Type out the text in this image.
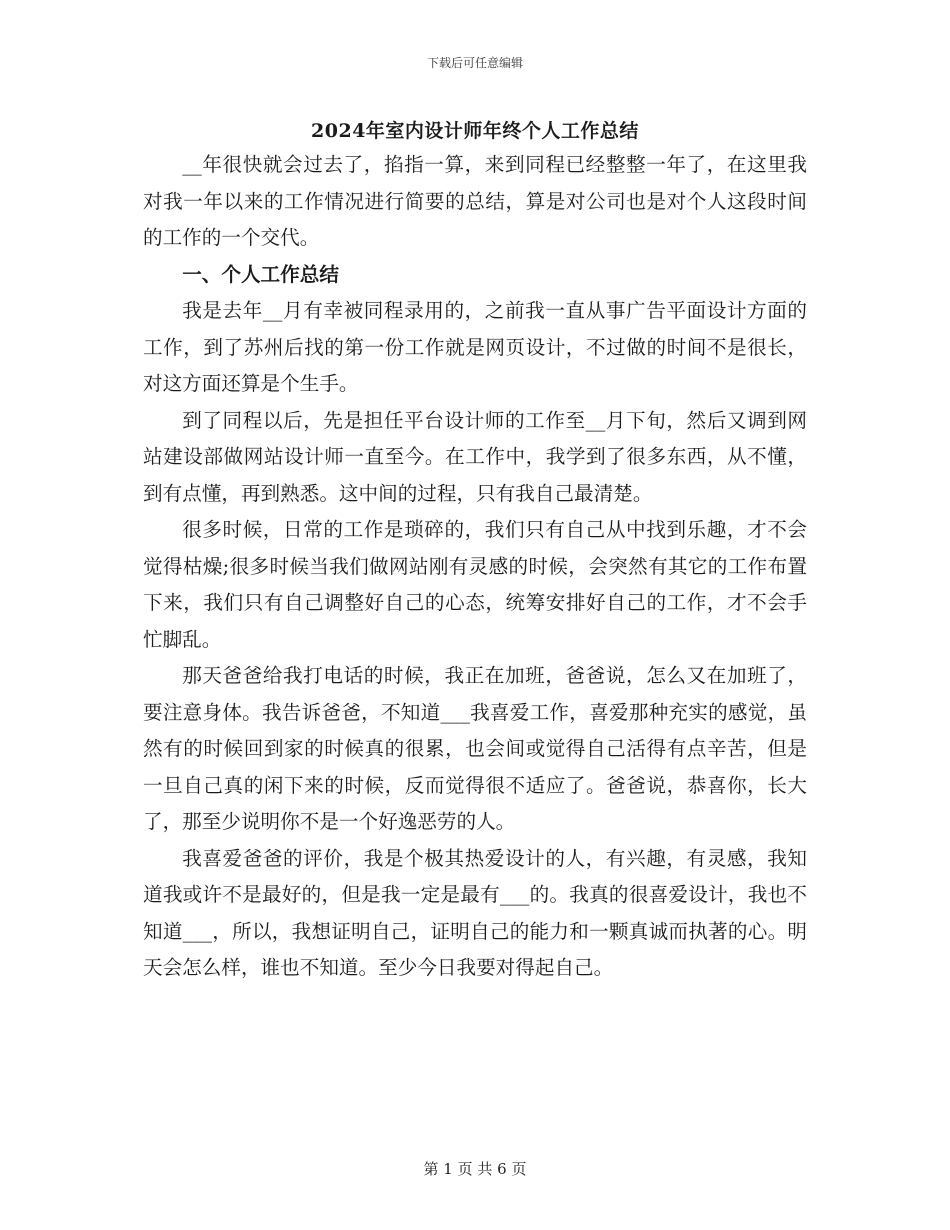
下载后可任意编辑
2024年室内设计师年终个人工作总结

__年很快就会过去了，掐指一算，来到同程已经整整一年了，在这里我对我一年以来的工作情况进行简要的总结，算是对公司也是对个人这段时间的工作的一个交代。

一、个人工作总结

我是去年__月有幸被同程录用的，之前我一直从事广告平面设计方面的工作，到了苏州后找的第一份工作就是网页设计，不过做的时间不是很长，对这方面还算是个生手。

到了同程以后，先是担任平台设计师的工作至__月下旬，然后又调到网站建设部做网站设计师一直至今。在工作中，我学到了很多东西，从不懂，到有点懂，再到熟悉。这中间的过程，只有我自己最清楚。

很多时候，日常的工作是琐碎的，我们只有自己从中找到乐趣，才不会觉得枯燥;很多时候当我们做网站刚有灵感的时候，会突然有其它的工作布置下来，我们只有自己调整好自己的心态，统筹安排好自己的工作，才不会手忙脚乱。

那天爸爸给我打电话的时候，我正在加班，爸爸说，怎么又在加班了，要注意身体。我告诉爸爸，不知道___我喜爱工作，喜爱那种充实的感觉，虽然有的时候回到家的时候真的很累，也会间或觉得自己活得有点辛苦，但是一旦自己真的闲下来的时候，反而觉得很不适应了。爸爸说，恭喜你，长大了，那至少说明你不是一个好逸恶劳的人。

我喜爱爸爸的评价，我是个极其热爱设计的人，有兴趣，有灵感，我知道我或许不是最好的，但是我一定是最有___的。我真的很喜爱设计，我也不知道___，所以，我想证明自己，证明自己的能力和一颗真诚而执著的心。明天会怎么样，谁也不知道。至少今日我要对得起自己。

第 1 页 共 6 页
